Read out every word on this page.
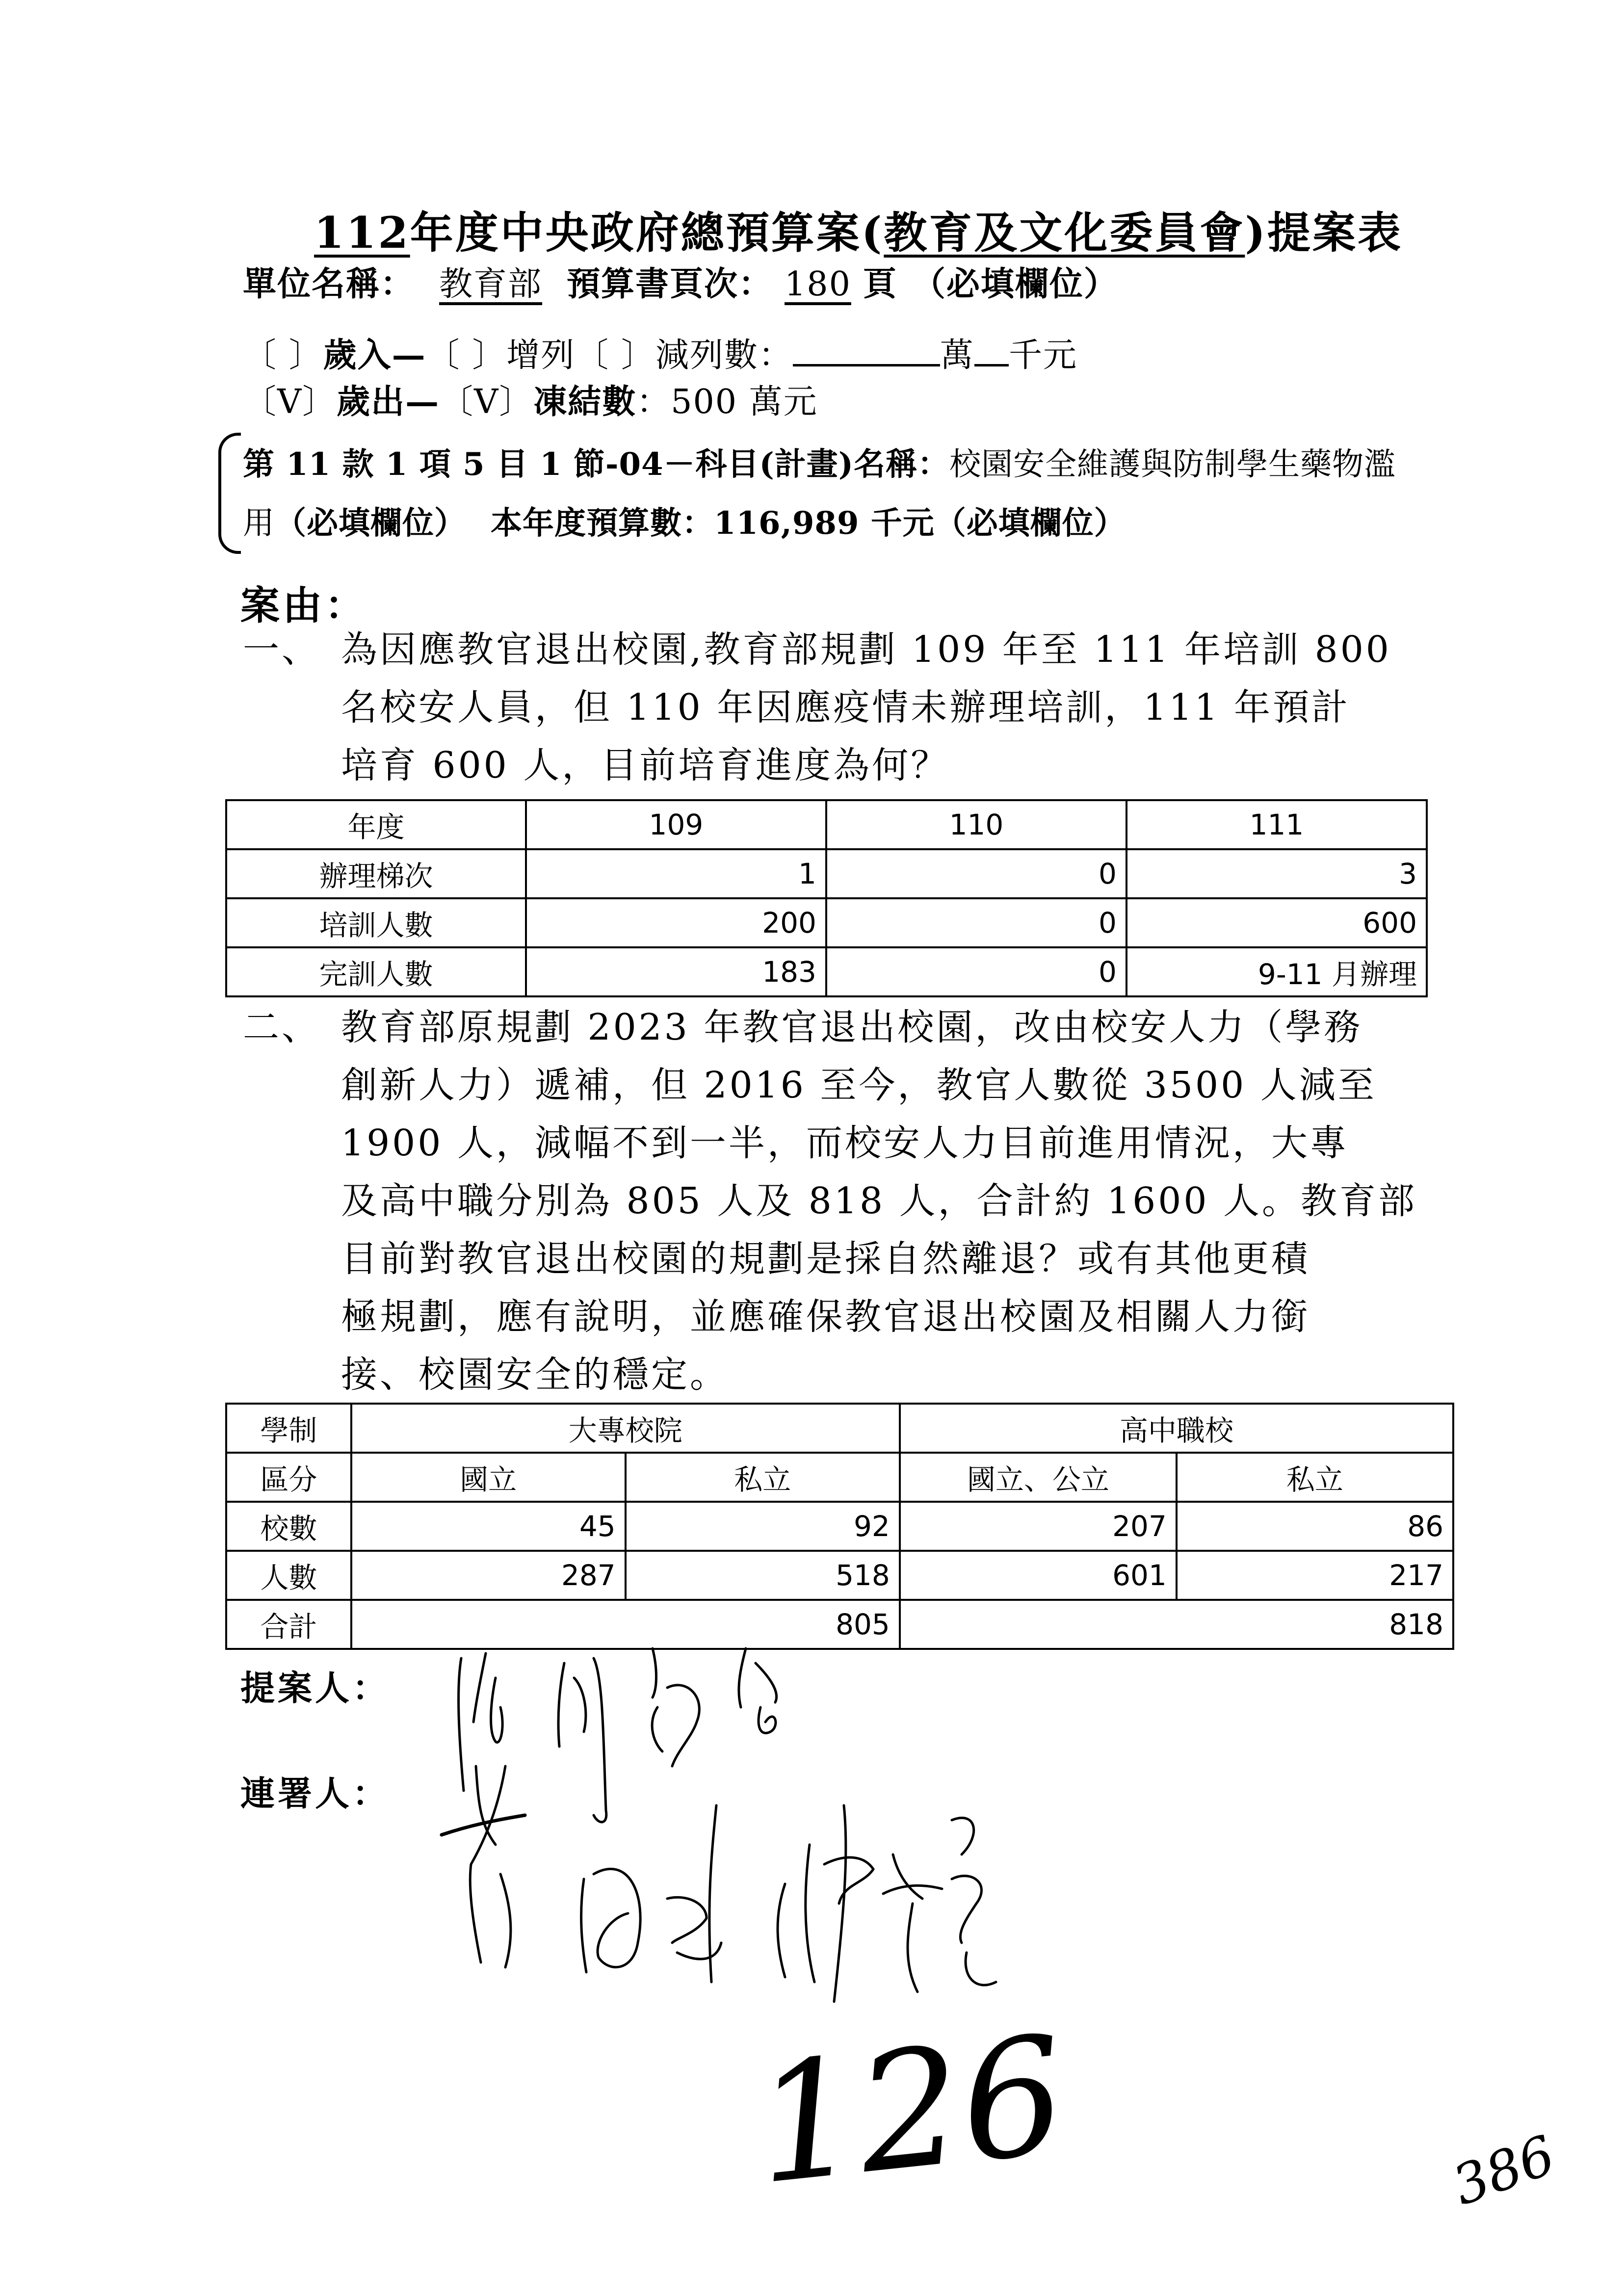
112年度中央政府總預算案(教育及文化委員會)提案表
單位名稱： 教育部 預算書頁次： 180 頁 （必填欄位）
〔 〕歲入—〔 〕增列〔 〕減列數：	萬 千元
〔V〕歲出—〔V〕凍結數：500 萬元
第 11 款 1 項 5 目 1 節-04－科目(計畫)名稱：校園安全維護與防制學生藥物濫
用（必填欄位） 本年度預算數：116,989 千元（必填欄位）
案由：
一、 為因應教官退出校園,教育部規劃 109 年至 111 年培訓 800
名校安人員，但 110 年因應疫情未辦理培訓，111 年預計
培育 600 人，目前培育進度為何？
年度	109	110	111
辦理梯次	1	0	3
培訓人數	200	0	600
完訓人數	183	0	9-11 月辦理
二、 教育部原規劃 2023 年教官退出校園，改由校安人力（學務
創新人力）遞補，但 2016 至今，教官人數從 3500 人減至
1900 人，減幅不到一半，而校安人力目前進用情況，大專
及高中職分別為 805 人及 818 人，合計約 1600 人。教育部
目前對教官退出校園的規劃是採自然離退？或有其他更積
極規劃，應有說明，並應確保教官退出校園及相關人力銜
接、校園安全的穩定。
學制	大專校院		高中職校	
區分	國立	私立	國立、公立	私立
校數	45	92	207	86
人數	287	518	601	217
合計	805		818	
提案人：
連署人：
126	386
